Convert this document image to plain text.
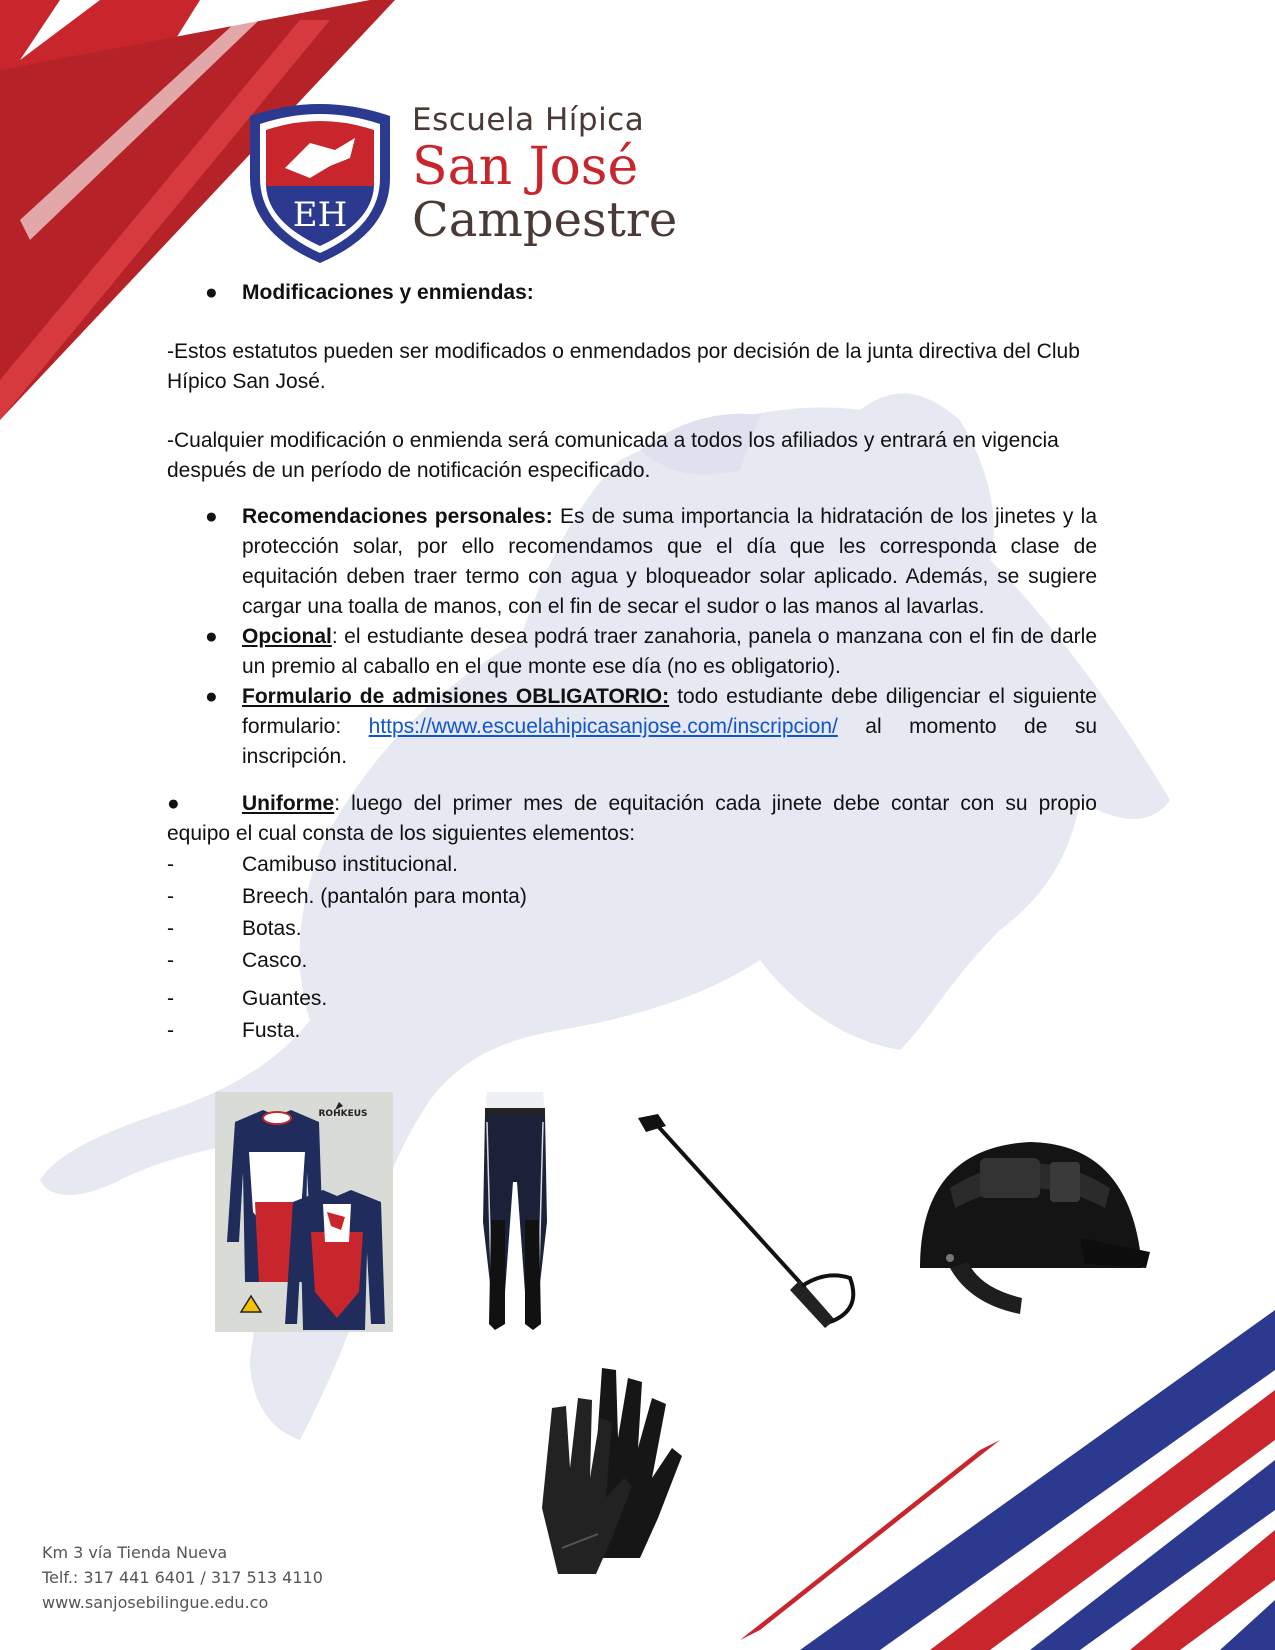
EH
Escuela Hípica
San José
Campestre
● Modificaciones y enmiendas:

-Estos estatutos pueden ser modificados o enmendados por decisión de la junta directiva del Club Hípico San José.

-Cualquier modificación o enmienda será comunicada a todos los afiliados y entrará en vigencia después de un período de notificación especificado.

● Recomendaciones personales: Es de suma importancia la hidratación de los jinetes y la protección solar, por ello recomendamos que el día que les corresponda clase de equitación deben traer termo con agua y bloqueador solar aplicado. Además, se sugiere cargar una toalla de manos, con el fin de secar el sudor o las manos al lavarlas.
● Opcional: el estudiante desea podrá traer zanahoria, panela o manzana con el fin de darle un premio al caballo en el que monte ese día (no es obligatorio).
● Formulario de admisiones OBLIGATORIO: todo estudiante debe diligenciar el siguiente formulario: https://www.escuelahipicasanjose.com/inscripcion/ al momento de su inscripción.

●	Uniforme: luego del primer mes de equitación cada jinete debe contar con su propio equipo el cual consta de los siguientes elementos:

-	Camibuso institucional.
-	Breech. (pantalón para monta)
-	Botas.
-	Casco.
-	Guantes.
-	Fusta.
ROHKEUS
Km 3 vía Tienda Nueva
Telf.: 317 441 6401 / 317 513 4110
www.sanjosebilingue.edu.co
